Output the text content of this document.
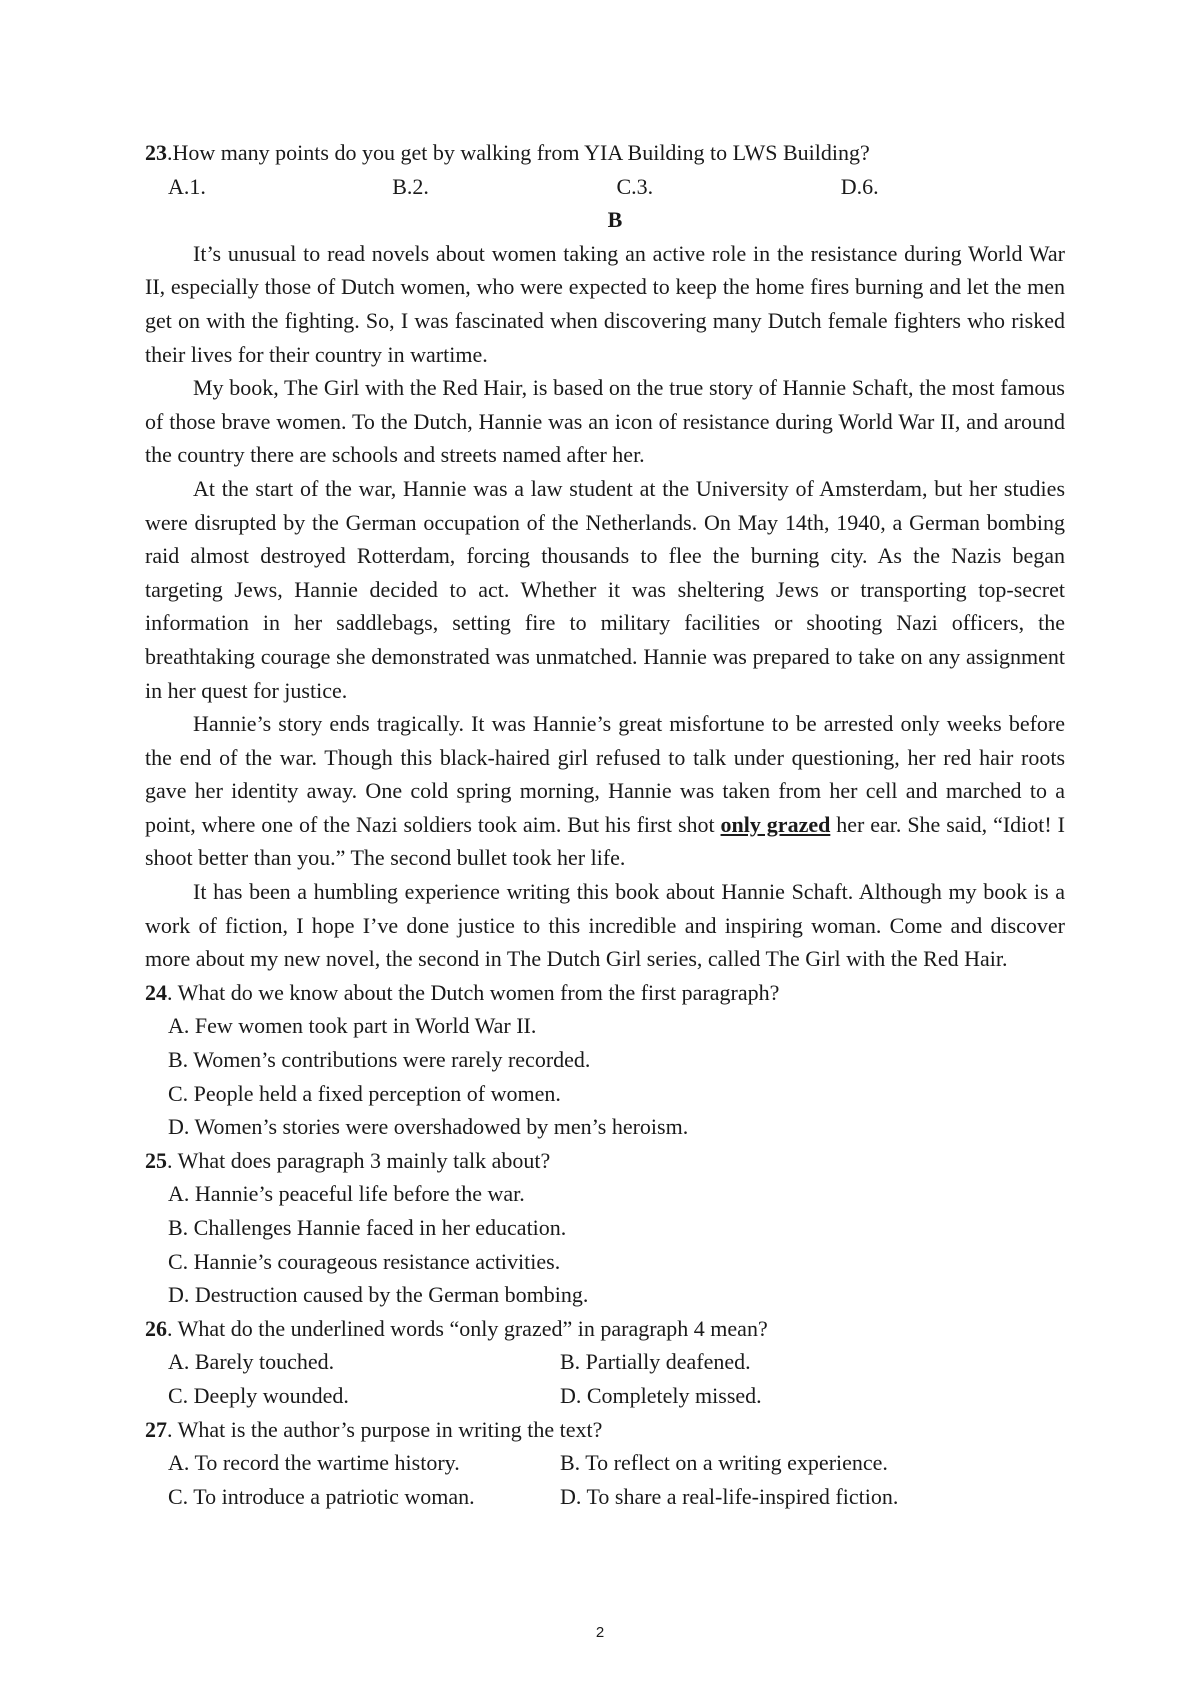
23.How many points do you get by walking from YIA Building to LWS Building?

A.1.	B.2.	C.3.	D.6.

B

It’s unusual to read novels about women taking an active role in the resistance during World War II, especially those of Dutch women, who were expected to keep the home fires burning and let the men get on with the fighting. So, I was fascinated when discovering many Dutch female fighters who risked their lives for their country in wartime.

My book, The Girl with the Red Hair, is based on the true story of Hannie Schaft, the most famous of those brave women. To the Dutch, Hannie was an icon of resistance during World War II, and around the country there are schools and streets named after her.

At the start of the war, Hannie was a law student at the University of Amsterdam, but her studies were disrupted by the German occupation of the Netherlands. On May 14th, 1940, a German bombing raid almost destroyed Rotterdam, forcing thousands to flee the burning city. As the Nazis began targeting Jews, Hannie decided to act. Whether it was sheltering Jews or transporting top-secret information in her saddlebags, setting fire to military facilities or shooting Nazi officers, the breathtaking courage she demonstrated was unmatched. Hannie was prepared to take on any assignment in her quest for justice.

Hannie’s story ends tragically. It was Hannie’s great misfortune to be arrested only weeks before the end of the war. Though this black-haired girl refused to talk under questioning, her red hair roots gave her identity away. One cold spring morning, Hannie was taken from her cell and marched to a point, where one of the Nazi soldiers took aim. But his first shot only grazed her ear. She said, “Idiot! I shoot better than you.” The second bullet took her life.

It has been a humbling experience writing this book about Hannie Schaft. Although my book is a work of fiction, I hope I’ve done justice to this incredible and inspiring woman. Come and discover more about my new novel, the second in The Dutch Girl series, called The Girl with the Red Hair.

24. What do we know about the Dutch women from the first paragraph?

A. Few women took part in World War II.

B. Women’s contributions were rarely recorded.

C. People held a fixed perception of women.

D. Women’s stories were overshadowed by men’s heroism.

25. What does paragraph 3 mainly talk about?

A. Hannie’s peaceful life before the war.

B. Challenges Hannie faced in her education.

C. Hannie’s courageous resistance activities.

D. Destruction caused by the German bombing.

26. What do the underlined words “only grazed” in paragraph 4 mean?

A. Barely touched.	B. Partially deafened.
C. Deeply wounded.	D. Completely missed.

27. What is the author’s purpose in writing the text?

A. To record the wartime history.	B. To reflect on a writing experience.
C. To introduce a patriotic woman.	D. To share a real-life-inspired fiction.
2
